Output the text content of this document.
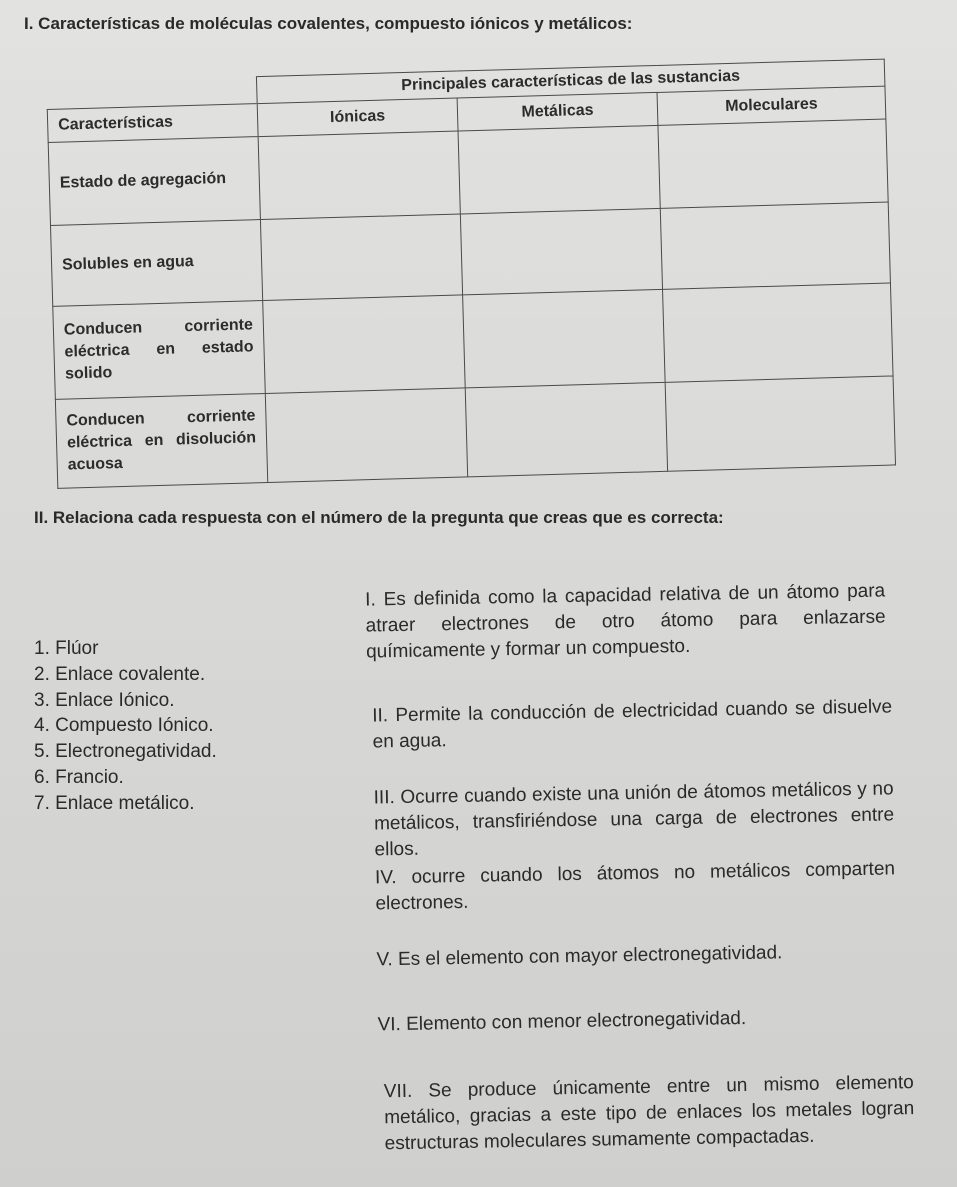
I. Características de moléculas covalentes, compuesto iónicos y metálicos:
	Principales características de las sustancias		
Características	Iónicas	Metálicas	Moleculares
Estado de agregación			
Solubles en agua			
Conducen corriente eléctrica en estado solido			
Conducen corriente eléctrica en disolución acuosa			
II. Relaciona cada respuesta con el número de la pregunta que creas que es correcta:
1. Flúor
2. Enlace covalente.
3. Enlace Iónico.
4. Compuesto Iónico.
5. Electronegatividad.
6. Francio.
7. Enlace metálico.
I. Es definida como la capacidad relativa de un átomo para atraer electrones de otro átomo para enlazarse químicamente y formar un compuesto.
II. Permite la conducción de electricidad cuando se disuelve en agua.
III. Ocurre cuando existe una unión de átomos metálicos y no metálicos, transfiriéndose una carga de electrones entre ellos.
IV. ocurre cuando los átomos no metálicos comparten electrones.
V. Es el elemento con mayor electronegatividad.
VI. Elemento con menor electronegatividad.
VII. Se produce únicamente entre un mismo elemento metálico, gracias a este tipo de enlaces los metales logran estructuras moleculares sumamente compactadas.
